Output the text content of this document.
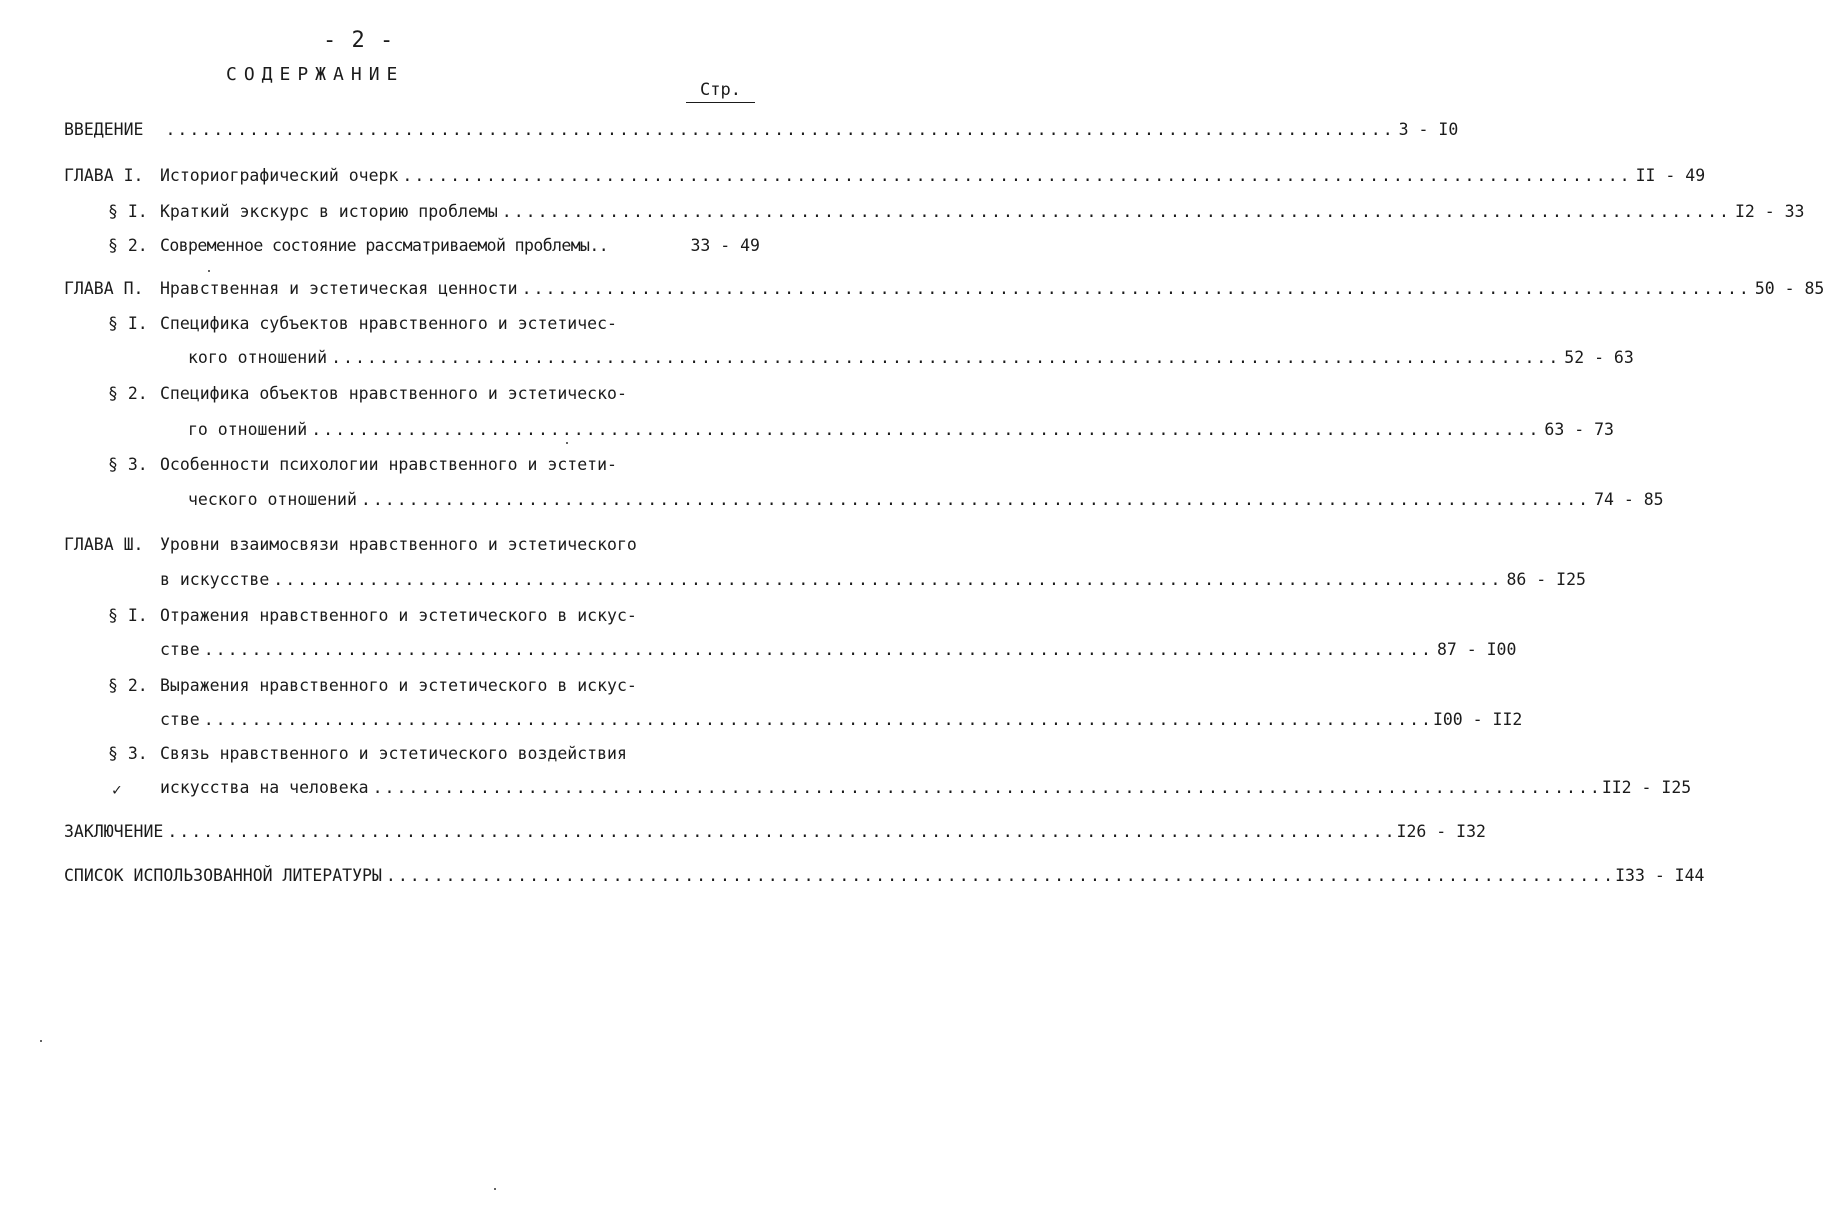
- 2 -
СОДЕРЖАНИЕ
Стр.
ВВЕДЕНИЕ ....................................................................................................... 3 - I0
ГЛАВА I. Историографический очерк ....................................................................................................... II - 49
§ I. Краткий экскурс в историю проблемы ....................................................................................................... I2 - 33
§ 2. Современное состояние рассматриваемой проблемы..	33 - 49
ГЛАВА П. Нравственная и эстетическая ценности ....................................................................................................... 50 - 85
§ I. Специфика субъектов нравственного и эстетичес-
кого отношений ....................................................................................................... 52 - 63
§ 2. Специфика объектов нравственного и эстетическо-
го отношений ....................................................................................................... 63 - 73
§ 3. Особенности психологии нравственного и эстети-
ческого отношений ....................................................................................................... 74 - 85
ГЛАВА Ш. Уровни взаимосвязи нравственного и эстетического
в искусстве ....................................................................................................... 86 - I25
§ I. Отражения нравственного и эстетического в искус-
стве ....................................................................................................... 87 - I00
§ 2. Выражения нравственного и эстетического в искус-
стве ....................................................................................................... I00 - II2
§ 3. Связь нравственного и эстетического воздействия
✓ искусства на человека ....................................................................................................... II2 - I25
ЗАКЛЮЧЕНИЕ ....................................................................................................... I26 - I32
СПИСОК ИСПОЛЬЗОВАННОЙ ЛИТЕРАТУРЫ ....................................................................................................... I33 - I44
